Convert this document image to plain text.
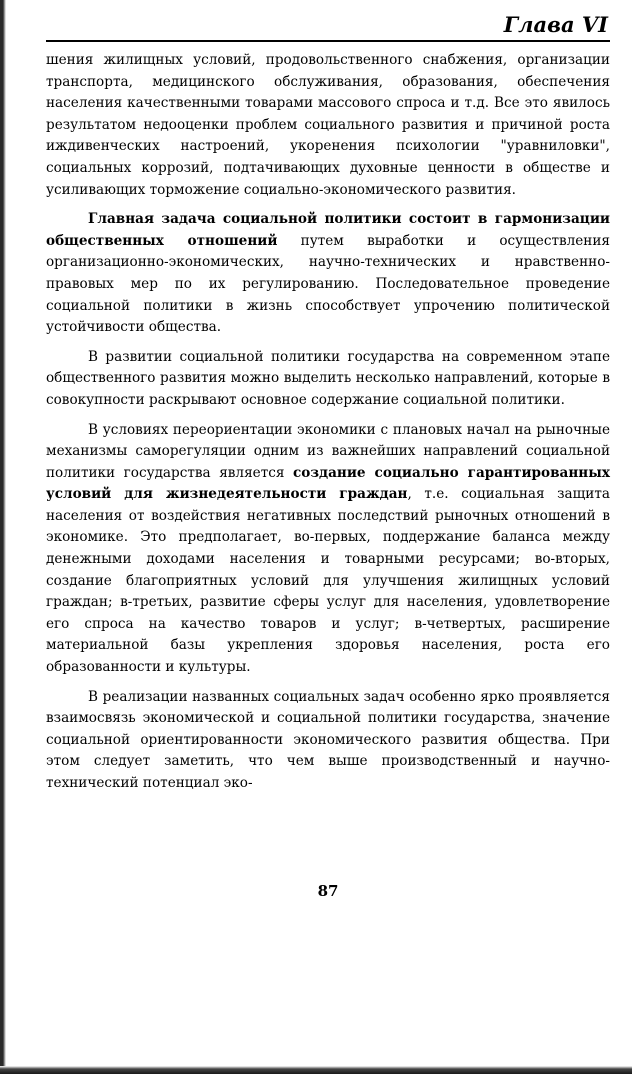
Глава VI

шения жилищных условий, продовольственного снабжения, организации транспорта, медицинского обслуживания, образования, обеспечения населения качественными товарами массового спроса и т.д. Все это явилось результатом недооценки проблем социального развития и причиной роста иждивенческих настроений, укоренения психологии "уравниловки", социальных коррозий, подтачивающих духовные ценности в обществе и усиливающих торможение социально-экономического развития.

Главная задача социальной политики состоит в гармонизации общественных отношений путем выработки и осуществления организационно-экономических, научно-технических и нравственно-правовых мер по их регулированию. Последовательное проведение социальной политики в жизнь способствует упрочению политической устойчивости общества.

В развитии социальной политики государства на современном этапе общественного развития можно выделить несколько направлений, которые в совокупности раскрывают основное содержание социальной политики.

В условиях переориентации экономики с плановых начал на рыночные механизмы саморегуляции одним из важнейших направлений социальной политики государства является создание социально гарантированных условий для жизнедеятельности граждан, т.е. социальная защита населения от воздействия негативных последствий рыночных отношений в экономике. Это предполагает, во-первых, поддержание баланса между денежными доходами населения и товарными ресурсами; во-вторых, создание благоприятных условий для улучшения жилищных условий граждан; в-третьих, развитие сферы услуг для населения, удовлетворение его спроса на качество товаров и услуг; в-четвертых, расширение материальной базы укрепления здоровья населения, роста его образованности и культуры.

В реализации названных социальных задач особенно ярко проявляется взаимосвязь экономической и социальной политики государства, значение социальной ориентированности экономического развития общества. При этом следует заметить, что чем выше производственный и научно-технический потенциал эко-

87
